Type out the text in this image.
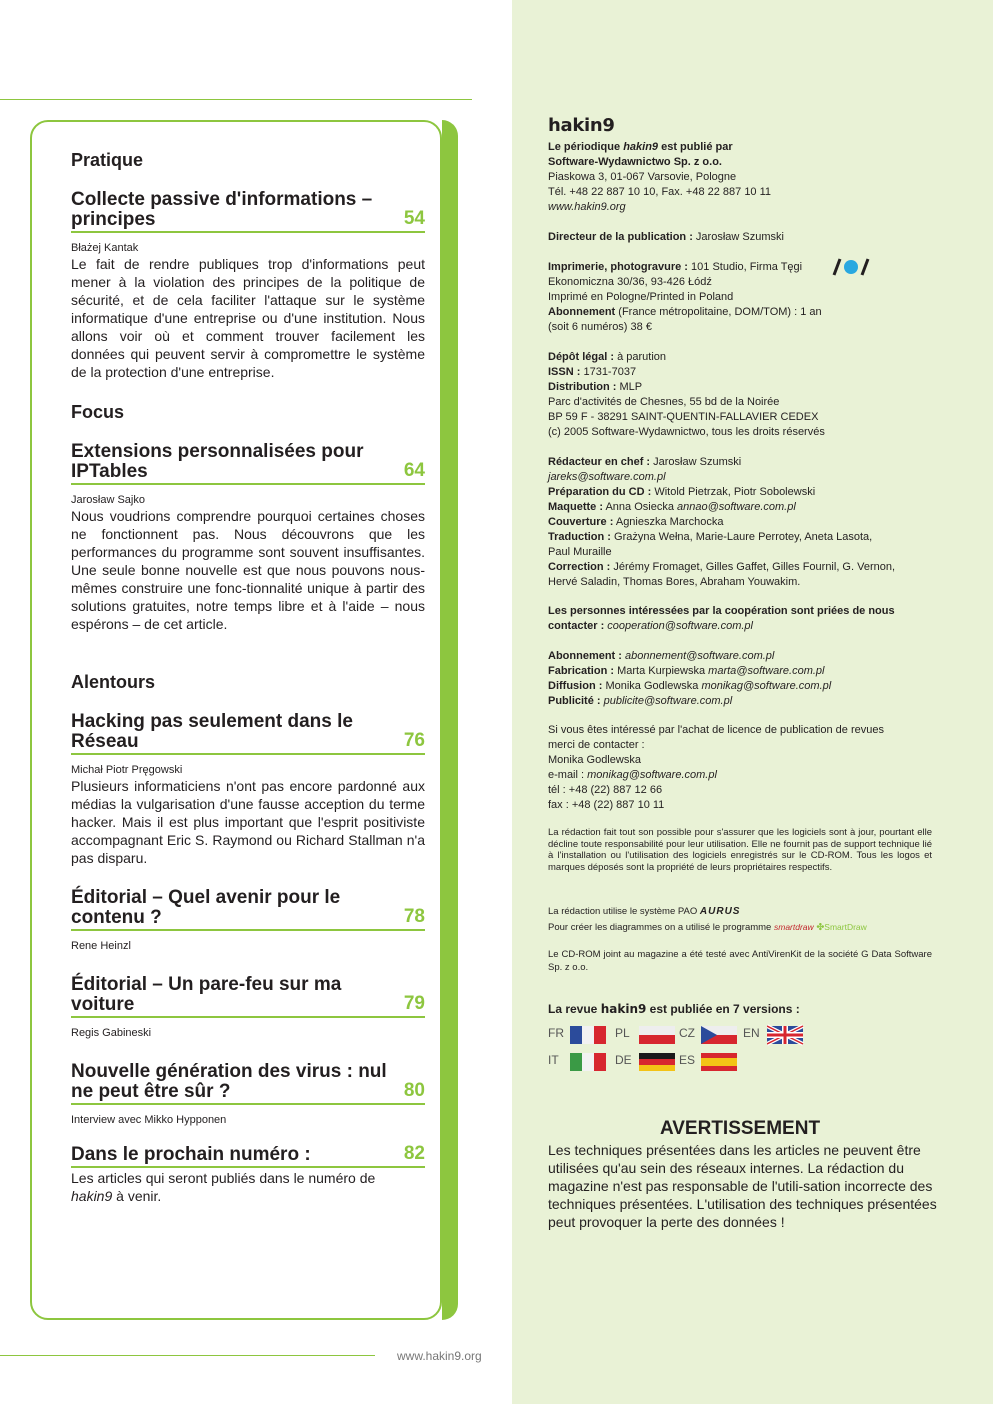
www.hakin9.org
Pratique
Collecte passive d'informations – principes	54
Błażej Kantak
Le fait de rendre publiques trop d'informations peut mener à la violation des principes de la politique de sécurité, et de cela faciliter l'attaque sur le système informatique d'une entreprise ou d'une institution. Nous allons voir où et comment trouver facilement les données qui peuvent servir à compromettre le système de la protection d'une entreprise.
Focus
Extensions personnalisées pour IPTables	64
Jarosław Sajko
Nous voudrions comprendre pourquoi certaines choses ne fonctionnent pas. Nous découvrons que les performances du programme sont souvent insuffisantes. Une seule bonne nouvelle est que nous pouvons nous-mêmes construire une fonc-tionnalité unique à partir des solutions gratuites, notre temps libre et à l'aide – nous espérons – de cet article.
Alentours
Hacking pas seulement dans le Réseau	76
Michał Piotr Pręgowski
Plusieurs informaticiens n'ont pas encore pardonné aux médias la vulgarisation d'une fausse acception du terme hacker. Mais il est plus important que l'esprit positiviste accompagnant Eric S. Raymond ou Richard Stallman n'a pas disparu.
Éditorial – Quel avenir pour le contenu ?	78
Rene Heinzl
Éditorial – Un pare-feu sur ma voiture	79
Regis Gabineski
Nouvelle génération des virus : nul ne peut être sûr ?	80
Interview avec Mikko Hypponen
Dans le prochain numéro :	82
Les articles qui seront publiés dans le numéro de
hakin9 à venir.
hakin9
Le périodique hakin9 est publié par
Software-Wydawnictwo Sp. z o.o.
Piaskowa 3, 01-067 Varsovie, Pologne
Tél. +48 22 887 10 10, Fax. +48 22 887 10 11
www.hakin9.org
Directeur de la publication : Jarosław Szumski
Imprimerie, photogravure : 101 Studio, Firma Tęgi
Ekonomiczna 30/36, 93-426 Łódź
Imprimé en Pologne/Printed in Poland
Abonnement (France métropolitaine, DOM/TOM) : 1 an
(soit 6 numéros) 38 €
Dépôt légal : à parution
ISSN : 1731-7037
Distribution : MLP
Parc d'activités de Chesnes, 55 bd de la Noirée
BP 59 F - 38291 SAINT-QUENTIN-FALLAVIER CEDEX
(c) 2005 Software-Wydawnictwo, tous les droits réservés
Rédacteur en chef : Jarosław Szumski
jareks@software.com.pl
Préparation du CD : Witold Pietrzak, Piotr Sobolewski
Maquette : Anna Osiecka annao@software.com.pl
Couverture : Agnieszka Marchocka
Traduction : Grażyna Wełna, Marie-Laure Perrotey, Aneta Lasota,
Paul Muraille
Correction : Jérémy Fromaget, Gilles Gaffet, Gilles Fournil, G. Vernon,
Hervé Saladin, Thomas Bores, Abraham Youwakim.
Les personnes intéressées par la coopération sont priées de nous
contacter : cooperation@software.com.pl
Abonnement : abonnement@software.com.pl
Fabrication : Marta Kurpiewska marta@software.com.pl
Diffusion : Monika Godlewska monikag@software.com.pl
Publicité : publicite@software.com.pl
Si vous êtes intéressé par l'achat de licence de publication de revues
merci de contacter :
Monika Godlewska
e-mail : monikag@software.com.pl
tél : +48 (22) 887 12 66
fax : +48 (22) 887 10 11
La rédaction fait tout son possible pour s'assurer que les logiciels sont à jour, pourtant elle décline toute responsabilité pour leur utilisation. Elle ne fournit pas de support technique lié à l'installation ou l'utilisation des logiciels enregistrés sur le CD-ROM. Tous les logos et marques déposés sont la propriété de leurs propriétaires respectifs.
La rédaction utilise le système PAO AURUS
Pour créer les diagrammes on a utilisé le programme smartdraw ✤SmartDraw
Le CD-ROM joint au magazine a été testé avec AntiVirenKit de la société G Data Software Sp. z o.o.
La revue hakin9 est publiée en 7 versions :
FR	PL	CZ	EN
IT	DE	ES
AVERTISSEMENT
Les techniques présentées dans les articles ne peuvent être utilisées qu'au sein des réseaux internes. La rédaction du magazine n'est pas responsable de l'utili-sation incorrecte des techniques présentées. L'utilisation des techniques présentées peut provoquer la perte des données !
